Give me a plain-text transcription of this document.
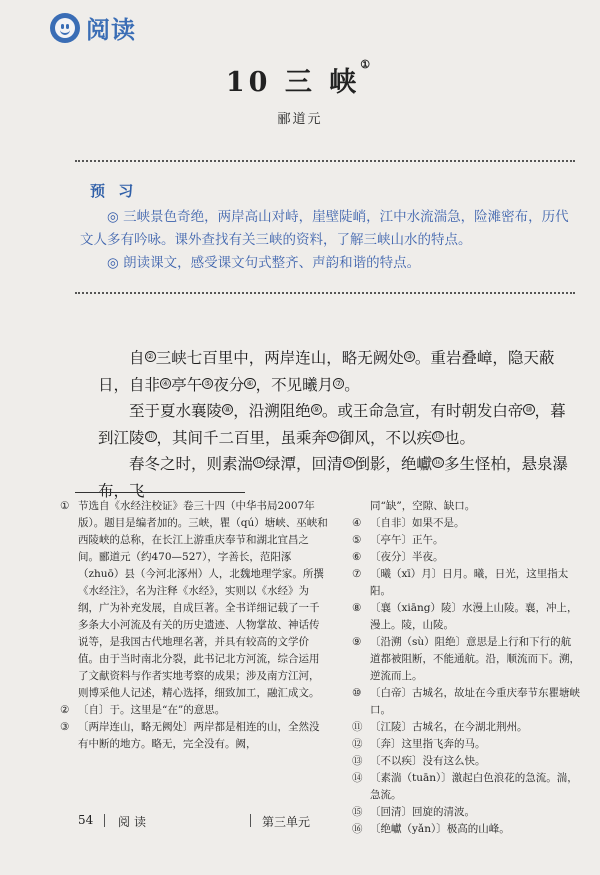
阅读
10 三 峡①
郦道元
预 习

◎ 三峡景色奇绝，两岸高山对峙，崖壁陡峭，江中水流湍急，险滩密布，历代文人多有吟咏。课外查找有关三峡的资料，了解三峡山水的特点。

◎ 朗读课文，感受课文句式整齐、声韵和谐的特点。

自 ② 三峡七百里中，两岸连山，略无阙处 ③ 。重岩叠嶂，隐天蔽日，自非 ④ 亭午 ⑤ 夜分 ⑥ ，不见曦月 ⑦ 。

至于夏水襄陵 ⑧ ，沿溯阻绝 ⑨ 。或王命急宣，有时朝发白帝 ⑩ ，暮到江陵 ⑪ ，其间千二百里，虽乘奔 ⑫ 御风，不以疾 ⑬ 也。

春冬之时，则素湍 ⑭ 绿潭，回清 ⑮ 倒影，绝巘 ⑯ 多生怪柏，悬泉瀑布，飞

① 节选自《水经注校证》卷三十四（中华书局2007年版）。题目是编者加的。三峡，瞿（qú）塘峡、巫峡和西陵峡的总称，在长江上游重庆奉节和湖北宜昌之间。郦道元（约470—527），字善长，范阳涿（zhuō）县（今河北涿州）人，北魏地理学家。所撰《水经注》，名为注释《水经》，实则以《水经》为纲，广为补充发展，自成巨著。全书详细记载了一千多条大小河流及有关的历史遗迹、人物掌故、神话传说等，是我国古代地理名著，并具有较高的文学价值。由于当时南北分裂，此书记北方河流，综合运用了文献资料与作者实地考察的成果；涉及南方江河，则博采他人记述，精心选择，细致加工，融汇成文。
② 〔自〕于。这里是“在”的意思。
③ 〔两岸连山，略无阙处〕两岸都是相连的山，全然没有中断的地方。略无，完全没有。阙，
同“缺”，空隙、缺口。
④ 〔自非〕如果不是。
⑤ 〔亭午〕正午。
⑥ 〔夜分〕半夜。
⑦ 〔曦（xī）月〕日月。曦，日光，这里指太阳。
⑧ 〔襄（xiāng）陵〕水漫上山陵。襄，冲上，漫上。陵，山陵。
⑨ 〔沿溯（sù）阻绝〕意思是上行和下行的航道都被阻断，不能通航。沿，顺流而下。溯，逆流而上。
⑩ 〔白帝〕古城名，故址在今重庆奉节东瞿塘峡口。
⑪ 〔江陵〕古城名，在今湖北荆州。
⑫ 〔奔〕这里指飞奔的马。
⑬ 〔不以疾〕没有这么快。
⑭ 〔素湍（tuān）〕激起白色浪花的急流。湍，急流。
⑮ 〔回清〕回旋的清波。
⑯ 〔绝巘（yǎn）〕极高的山峰。
54 阅读	第三单元
